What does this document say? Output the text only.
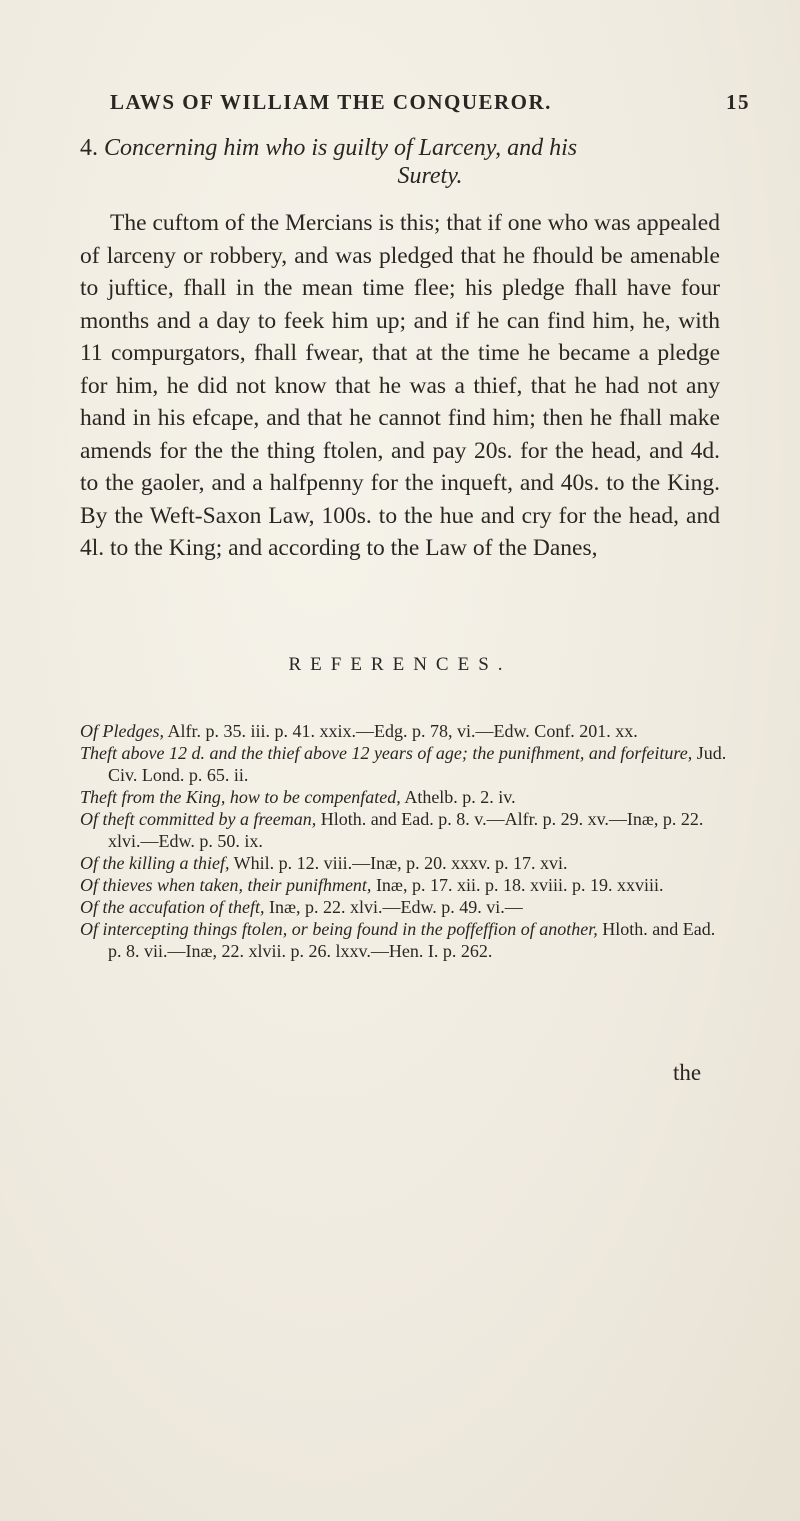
LAWS OF WILLIAM THE CONQUEROR.	15
4. Concerning him who is guilty of Larceny, and his
Surety.

The cuftom of the Mercians is this; that if one who was appealed of larceny or robbery, and was pledged that he fhould be amenable to juftice, fhall in the mean time flee; his pledge fhall have four months and a day to feek him up; and if he can find him, he, with 11 compurgators, fhall fwear, that at the time he became a pledge for him, he did not know that he was a thief, that he had not any hand in his efcape, and that he cannot find him; then he fhall make amends for the the thing ftolen, and pay 20s. for the head, and 4d. to the gaoler, and a halfpenny for the inqueft, and 40s. to the King. By the Weft-Saxon Law, 100s. to the hue and cry for the head, and 4l. to the King; and according to the Law of the Danes,

REFERENCES.

Of Pledges, Alfr. p. 35. iii. p. 41. xxix.—Edg. p. 78, vi.—Edw. Conf. 201. xx.

Theft above 12 d. and the thief above 12 years of age; the punifhment, and forfeiture, Jud. Civ. Lond. p. 65. ii.

Theft from the King, how to be compenfated, Athelb. p. 2. iv.

Of theft committed by a freeman, Hloth. and Ead. p. 8. v.—Alfr. p. 29. xv.—Inæ, p. 22. xlvi.—Edw. p. 50. ix.

Of the killing a thief, Whil. p. 12. viii.—Inæ, p. 20. xxxv. p. 17. xvi.

Of thieves when taken, their punifhment, Inæ, p. 17. xii. p. 18. xviii. p. 19. xxviii.

Of the accufation of theft, Inæ, p. 22. xlvi.—Edw. p. 49. vi.—

Of intercepting things ftolen, or being found in the poffeffion of another, Hloth. and Ead. p. 8. vii.—Inæ, 22. xlvii. p. 26. lxxv.—Hen. I. p. 262.

the
